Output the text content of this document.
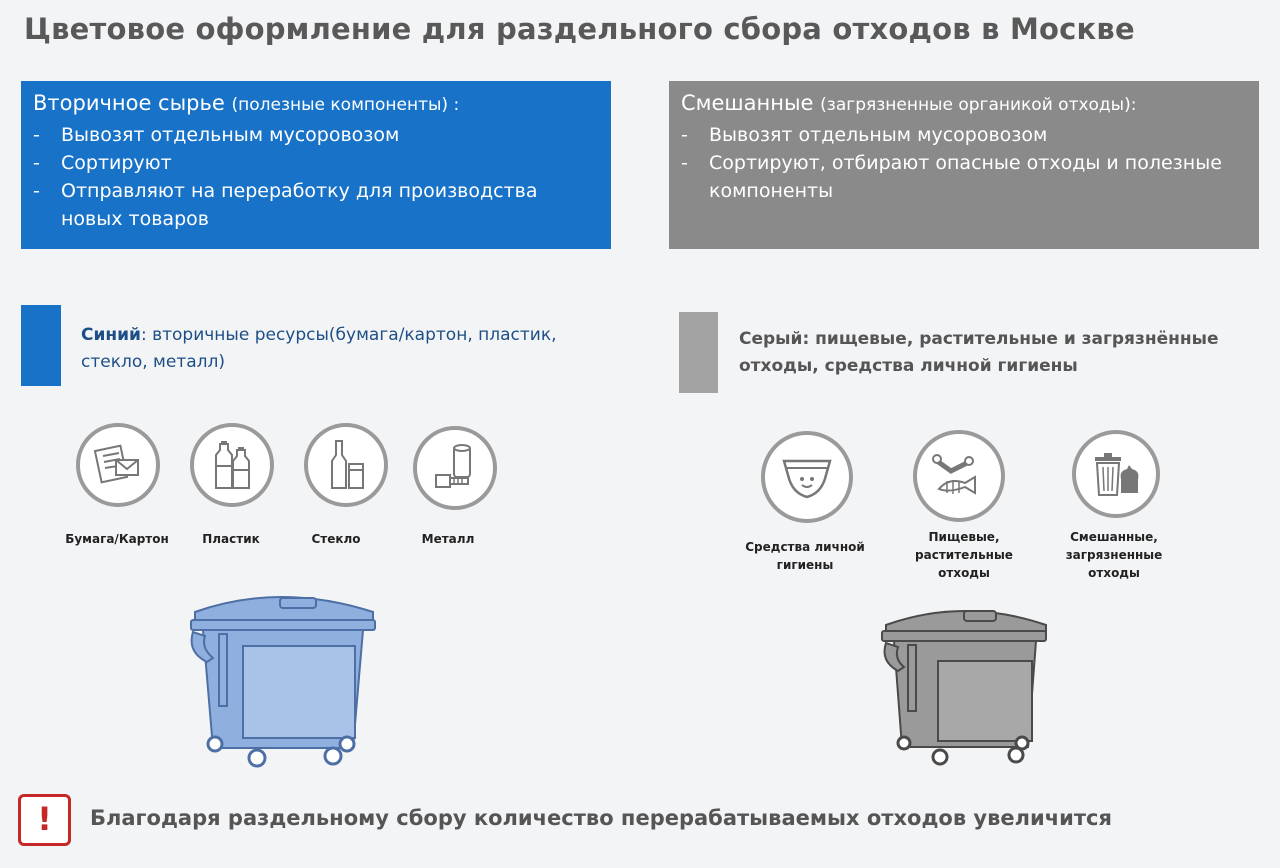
Цветовое оформление для раздельного сбора отходов в Москве
Вторичное сырье (полезные компоненты) :
- Вывозят отдельным мусоровозом
- Сортируют
- Отправляют на переработку для производства новых товаров
Смешанные (загрязненные органикой отходы):
- Вывозят отдельным мусоровозом
- Сортируют, отбирают опасные отходы и полезные компоненты
Синий: вторичные ресурсы(бумага/картон, пластик, стекло, металл)
Серый: пищевые, растительные и загрязнённые отходы, средства личной гигиены
Бумага/Картон	Пластик	Стекло	Металл
Средства личной гигиены
Пищевые, растительные отходы
Смешанные, загрязненные отходы
!	Благодаря раздельному сбору количество перерабатываемых отходов увеличится
